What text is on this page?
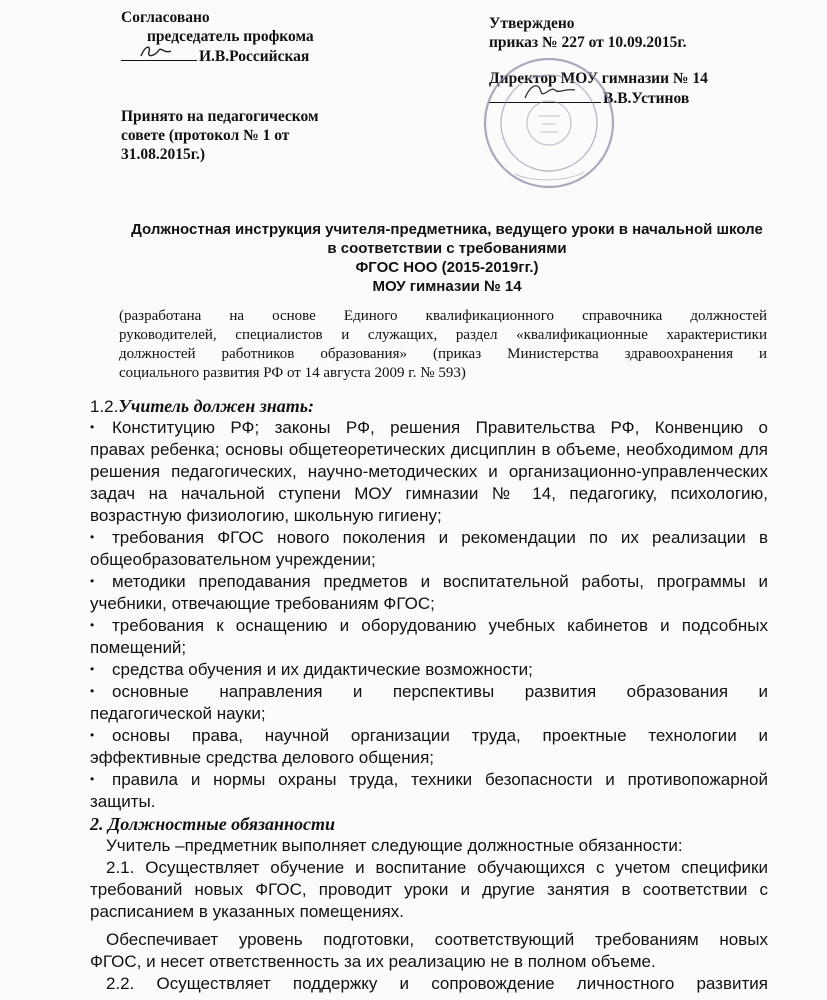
Согласовано
председатель профкома
И.В.Российская
Утверждено
приказ № 227 от 10.09.2015г.
Директор МОУ гимназии № 14
В.В.Устинов
Принято на педагогическом
совете (протокол № 1 от
31.08.2015г.)
Должностная инструкция учителя-предметника, ведущего уроки в начальной школе
в соответствии с требованиями
ФГОС НОО (2015-2019гг.)
МОУ гимназии № 14
(разработана на основе Единого квалификационного справочника должностей
руководителей, специалистов и служащих, раздел «квалификационные характеристики
должностей работников образования» (приказ Министерства здравоохранения и
социального развития РФ от 14 августа 2009 г. № 593)
1.2.Учитель должен знать:
•	Конституцию РФ; законы РФ, решения Правительства РФ, Конвенцию о
правах ребенка; основы общетеоретических дисциплин в объеме, необходимом для
решения педагогических, научно-методических и организационно-управленческих
задач на начальной ступени МОУ гимназии № 14, педагогику, психологию,
возрастную физиологию, школьную гигиену;
•	требования ФГОС нового поколения и рекомендации по их реализации в
общеобразовательном учреждении;
•	методики преподавания предметов и воспитательной работы, программы и
учебники, отвечающие требованиям ФГОС;
•	требования к оснащению и оборудованию учебных кабинетов и подсобных
помещений;
•	средства обучения и их дидактические возможности;
•	основные направления и перспективы развития образования и
педагогической науки;
•	основы права, научной организации труда, проектные технологии и
эффективные средства делового общения;
•	правила и нормы охраны труда, техники безопасности и противопожарной
защиты.
2. Должностные обязанности
Учитель –предметник выполняет следующие должностные обязанности:
2.1. Осуществляет обучение и воспитание обучающихся с учетом специфики
требований новых ФГОС, проводит уроки и другие занятия в соответствии с
расписанием в указанных помещениях.
Обеспечивает уровень подготовки, соответствующий требованиям новых
ФГОС, и несет ответственность за их реализацию не в полном объеме.
2.2. Осуществляет поддержку и сопровождение личностного развития
